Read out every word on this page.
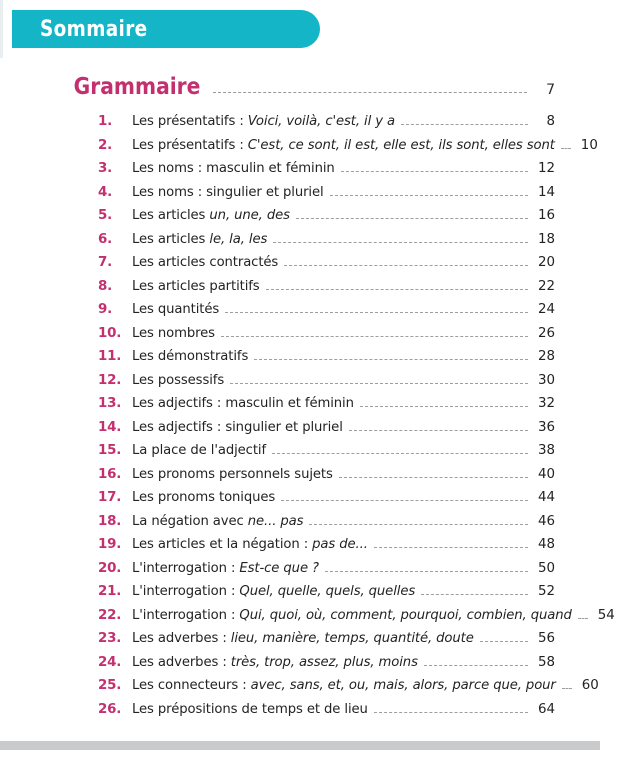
Sommaire
Grammaire	7
1.	Les présentatifs : Voici, voilà, c'est, il y a	8
2.	Les présentatifs : C'est, ce sont, il est, elle est, ils sont, elles sont	10
3.	Les noms : masculin et féminin	12
4.	Les noms : singulier et pluriel	14
5.	Les articles un, une, des	16
6.	Les articles le, la, les	18
7.	Les articles contractés	20
8.	Les articles partitifs	22
9.	Les quantités	24
10. Les nombres	26
11. Les démonstratifs	28
12. Les possessifs	30
13. Les adjectifs : masculin et féminin	32
14. Les adjectifs : singulier et pluriel	36
15. La place de l'adjectif	38
16. Les pronoms personnels sujets	40
17. Les pronoms toniques	44
18. La négation avec ne... pas	46
19. Les articles et la négation : pas de...	48
20. L'interrogation : Est-ce que ?	50
21. L'interrogation : Quel, quelle, quels, quelles	52
22. L'interrogation : Qui, quoi, où, comment, pourquoi, combien, quand	54
23. Les adverbes : lieu, manière, temps, quantité, doute	56
24. Les adverbes : très, trop, assez, plus, moins	58
25. Les connecteurs : avec, sans, et, ou, mais, alors, parce que, pour	60
26. Les prépositions de temps et de lieu	64
